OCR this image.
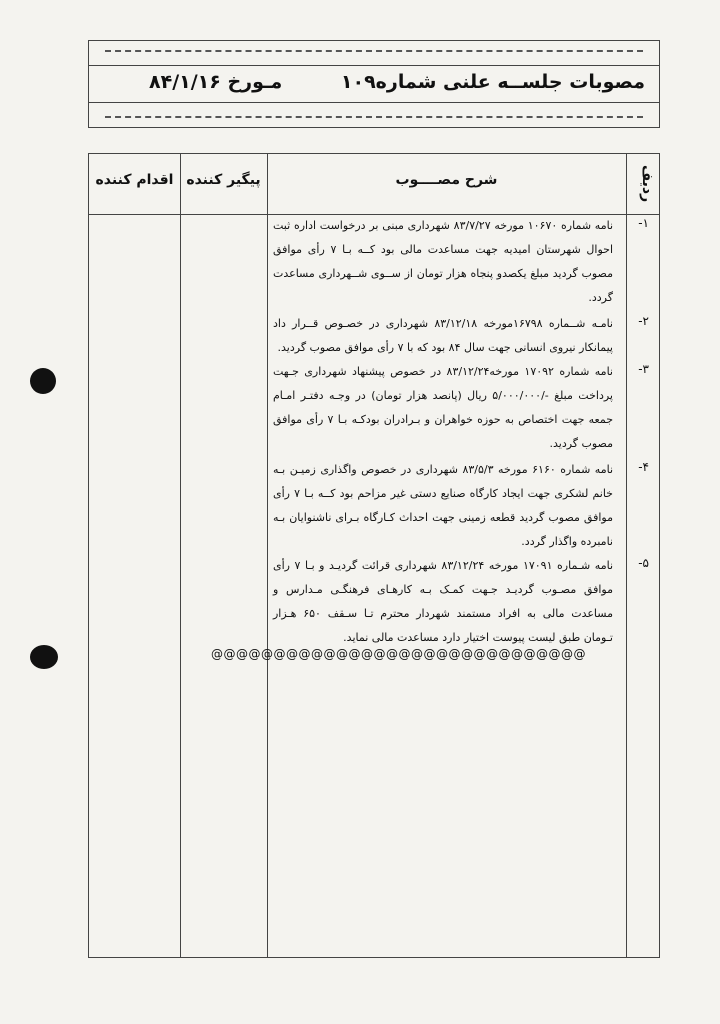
مصوبات جلســه علنی شماره۱۰۹
مـورخ ۸۴/۱/۱۶
ردیف
شرح مصــــوب
پیگیر کننده
اقدام کننده
-۱
نامه شماره ۱۰۶۷۰ مورخه ۸۳/۷/۲۷ شهرداری مبنی بر درخواست اداره ثبت احوال شهرستان امیدیه جهت مساعدت مالی بود کــه بـا ۷ رأی موافق مصوب گردید مبلغ یکصدو پنجاه هزار تومان از ســوی شــهرداری مساعدت گردد.
-۲
نامـه شــماره ۱۶۷۹۸مورخه ۸۳/۱۲/۱۸ شهرداری در خصـوص قــرار داد پیمانکار نیروی انسانی جهت سال ۸۴ بود که با ۷ رأی موافق مصوب گردید.
-۳
نامه شماره ۱۷۰۹۲ مورخه۸۳/۱۲/۲۴ در خصوص پیشنهاد شهرداری جـهت پرداخت مبلغ -/۵/۰۰۰/۰۰۰ ریال (پانصد هزار تومان) در وجـه دفتـر امـام جمعه جهت اختصاص به حوزه خواهران و بـرادران بودکـه بـا ۷ رأی موافق مصوب گردید.
-۴
نامه شماره ۶۱۶۰ مورخه ۸۳/۵/۳ شهرداری در خصوص واگذاری زمیـن بـه خانم لشکری جهت ایجاد کارگاه صنایع دستی غیر مزاحم بود کــه بـا ۷ رأی موافق مصوب گردید قطعه زمینی جهت احداث کـارگاه بـرای ناشنوایان بـه نامبرده واگذار گردد.
-۵
نامه شـماره ۱۷۰۹۱ مورخه ۸۳/۱۲/۲۴ شهرداری قرائت گردیـد و بـا ۷ رأی موافق مصـوب گردیـد جـهت کمـک بـه کارهـای فرهنگـی مـدارس و مساعدت مالی به افراد مستمند شهردار محترم تـا سـقف ۶۵۰ هـزار تـومان طبق لیست پیوست اختیار دارد مساعدت مالی نماید.
@@@@@@@@@@@@@@@@@@@@@@@@@@@@@@
